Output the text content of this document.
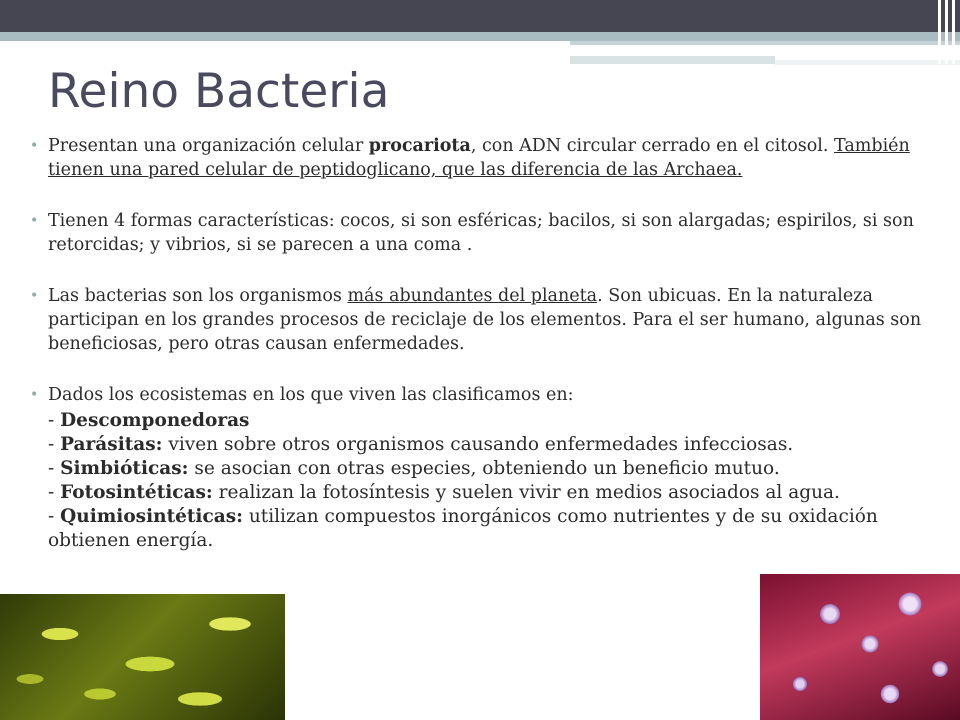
Reino Bacteria

• Presentan una organización celular procariota, con ADN circular cerrado en el citosol. También tienen una pared celular de peptidoglicano, que las diferencia de las Archaea.

• Tienen 4 formas características: cocos, si son esféricas; bacilos, si son alargadas; espirilos, si son retorcidas; y vibrios, si se parecen a una coma .

• Las bacterias son los organismos más abundantes del planeta. Son ubicuas. En la naturaleza participan en los grandes procesos de reciclaje de los elementos. Para el ser humano, algunas son beneficiosas, pero otras causan enfermedades.

• Dados los ecosistemas en los que viven las clasificamos en:
- Descomponedoras
- Parásitas: viven sobre otros organismos causando enfermedades infecciosas.
- Simbióticas: se asocian con otras especies, obteniendo un beneficio mutuo.
- Fotosintéticas: realizan la fotosíntesis y suelen vivir en medios asociados al agua.
- Quimiosintéticas: utilizan compuestos inorgánicos como nutrientes y de su oxidación obtienen energía.
